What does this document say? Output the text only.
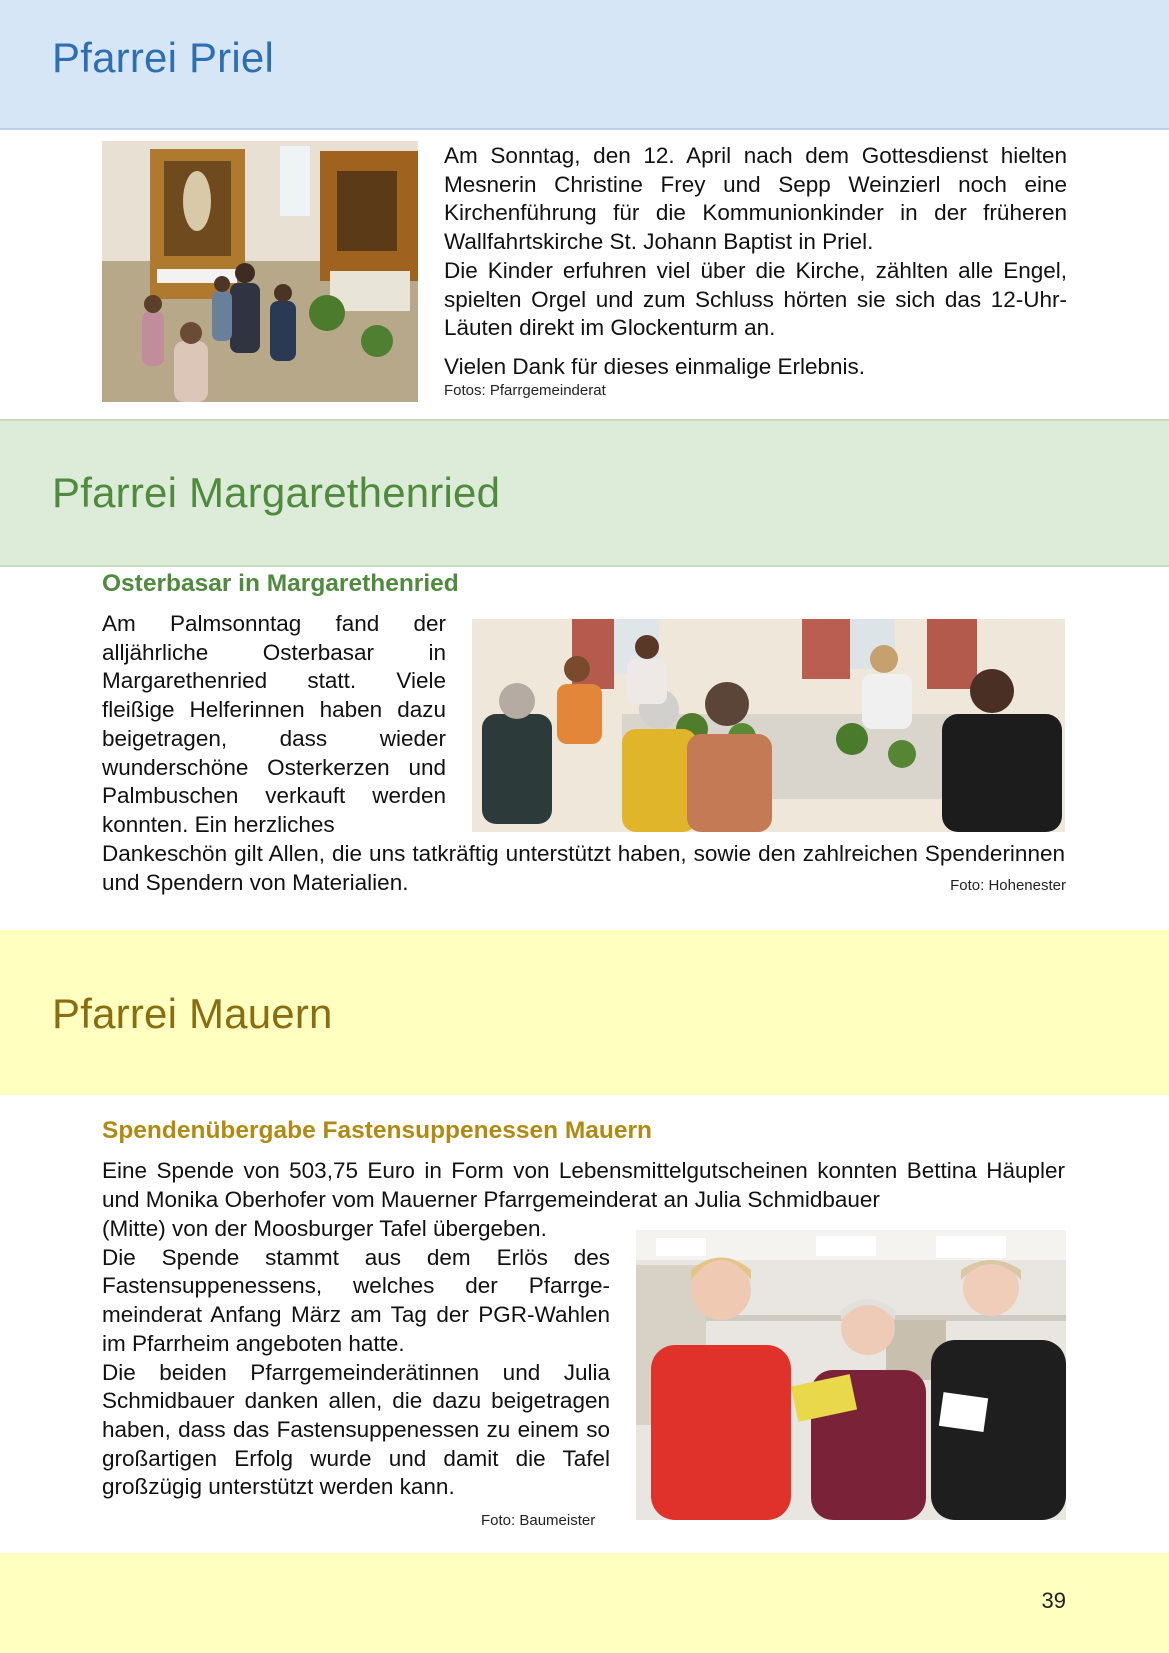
Pfarrei Priel

Am Sonntag, den 12. April nach dem Gottesdienst hielten Mesnerin Christine Frey und Sepp Weinzierl noch eine Kirchenführung für die Kommunionkinder in der früheren Wallfahrtskirche St. Johann Baptist in Priel.

Die Kinder erfuhren viel über die Kirche, zählten alle Engel, spielten Orgel und zum Schluss hörten sie sich das 12-Uhr-Läuten direkt im Glockenturm an.

Vielen Dank für dieses einmalige Erlebnis.

Fotos: Pfarrgemeinderat
Pfarrei Margarethenried
Osterbasar in Margarethenried
Am Palmsonntag fand der alljährliche Osterbasar in Margarethenried statt. Viele fleißige Helferinnen haben dazu beigetragen, dass wieder wunderschöne Osterkerzen und Palmbuschen verkauft werden konnten. Ein herzliches
Dankeschön gilt Allen, die uns tatkräftig unterstützt haben, sowie den zahlreichen Spenderinnen und Spendern von Materialien.	Foto: Hohenester
Pfarrei Mauern
Spendenübergabe Fastensuppenessen Mauern
Eine Spende von 503,75 Euro in Form von Lebensmittelgutscheinen konnten Bettina Häupler und Monika Oberhofer vom Mauerner Pfarrgemeinderat an Julia Schmidbauer

(Mitte) von der Moosburger Tafel übergeben.

Die Spende stammt aus dem Erlös des Fastensuppenessens, welches der Pfarrgemeinderat Anfang März am Tag der PGR-Wahlen im Pfarrheim angeboten hatte.

Die beiden Pfarrgemeinderätinnen und Julia Schmidbauer danken allen, die dazu beigetragen haben, dass das Fastensuppenessen zu einem so großartigen Erfolg wurde und damit die Tafel großzügig unterstützt werden kann.

Foto: Baumeister
39
